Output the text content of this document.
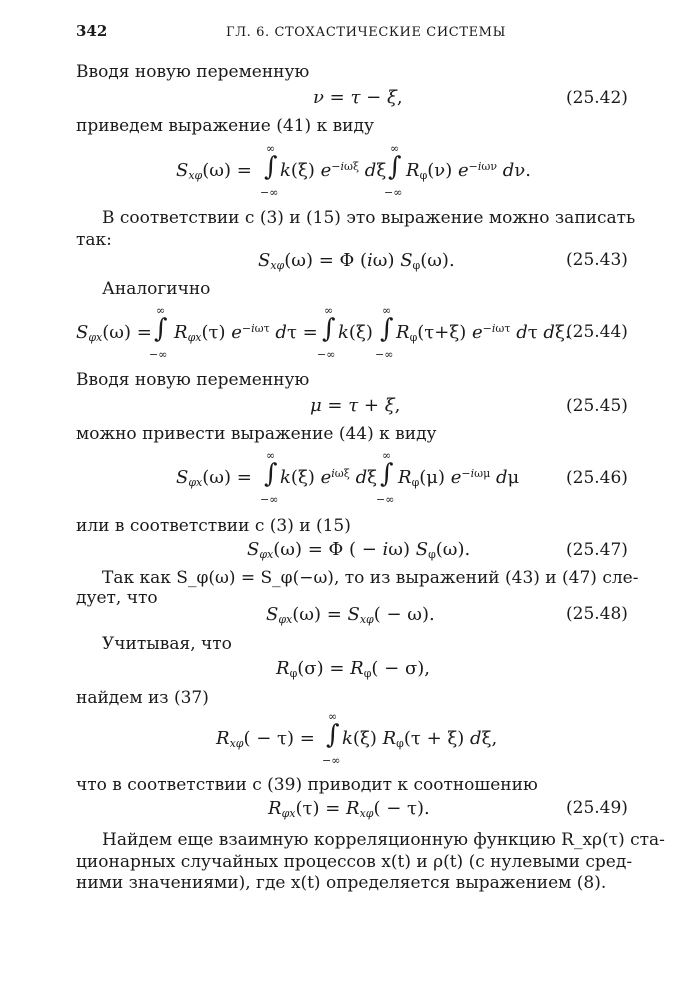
342	ГЛ. 6. СТОХАСТИЧЕСКИЕ СИСТЕМЫ
Вводя новую переменную
ν = τ − ξ,	(25.42)
приведем выражение (41) к виду
$S_{x\varphi}(\omega)$ =
∞
∫
−∞
k(ξ) $e^{-i\omega\xi}$ dξ
∞
∫
−∞
$R_\varphi(\nu)$ $e^{-i\omega\nu}$ dν.
В соответствии с (3) и (15) это выражение можно записать
так:
$S_{x\varphi}(\omega) = \Phi$ (iω) $S_\varphi(\omega)$.	(25.43)
Аналогично
$S_{\varphi x}(\omega)$ =
∞
∫
−∞
$R_{\varphi x}(\tau)$ $e^{-i\omega\tau}$ dτ =
∞
∫
−∞
k(ξ)
∞
∫
−∞
$R_\varphi(\tau+\xi)$ $e^{-i\omega\tau}$ dτ dξ.
(25.44)
Вводя новую переменную
μ = τ + ξ,	(25.45)
можно привести выражение (44) к виду
$S_{\varphi x}(\omega)$ =
∞
∫
−∞
k(ξ) $e^{i\omega\xi}$ dξ
∞
∫
−∞
$R_\varphi(\mu)$ $e^{-i\omega\mu}$ dμ	(25.46)
или в соответствии с (3) и (15)
$S_{\varphi x}(\omega) = \Phi$ ( − iω) $S_\varphi(\omega)$.	(25.47)
Так как S_φ(ω) = S_φ(−ω), то из выражений (43) и (47) сле-
дует, что
$S_{\varphi x}(\omega) = S_{x\varphi}( - \omega)$.	(25.48)
Учитывая, что
$R_\varphi(\sigma) = R_\varphi( - \sigma)$,
найдем из (37)
$R_{x\varphi}( - \tau)$ =
∞
∫
−∞
k(ξ) $R_\varphi(\tau + \xi)$ dξ,
что в соответствии с (39) приводит к соотношению
$R_{\varphi x}(\tau) = R_{x\varphi}( - \tau)$.	(25.49)
Найдем еще взаимную корреляционную функцию R_xρ(τ) ста-
ционарных случайных процессов x(t) и ρ(t) (с нулевыми сред-
ними значениями), где x(t) определяется выражением (8).
